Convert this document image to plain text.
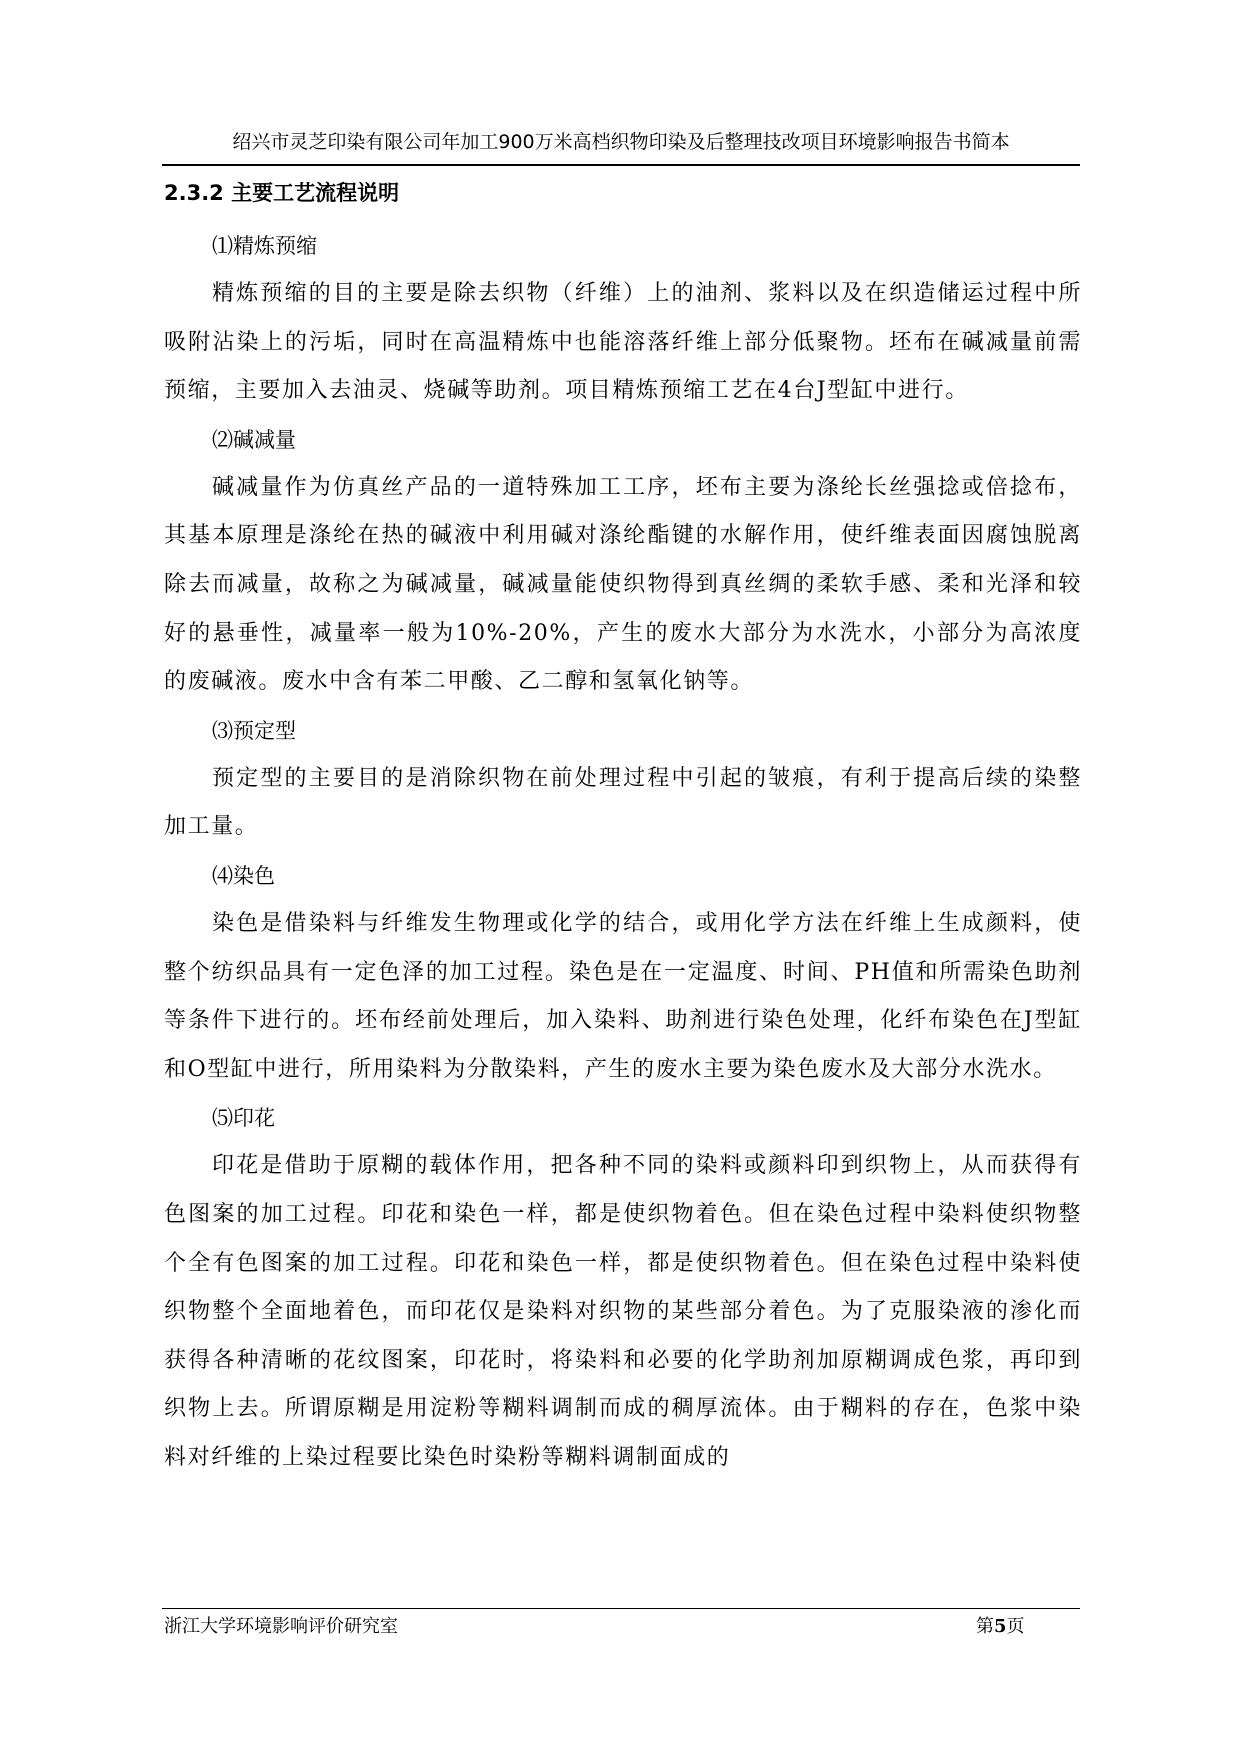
绍兴市灵芝印染有限公司年加工900万米高档织物印染及后整理技改项目环境影响报告书简本
2.3.2 主要工艺流程说明

⑴精炼预缩

精炼预缩的目的主要是除去织物（纤维）上的油剂、浆料以及在织造储运过程中所吸附沾染上的污垢，同时在高温精炼中也能溶落纤维上部分低聚物。坯布在碱减量前需预缩，主要加入去油灵、烧碱等助剂。项目精炼预缩工艺在4台J型缸中进行。

⑵碱减量

碱减量作为仿真丝产品的一道特殊加工工序，坯布主要为涤纶长丝强捻或倍捻布，其基本原理是涤纶在热的碱液中利用碱对涤纶酯键的水解作用，使纤维表面因腐蚀脱离除去而减量，故称之为碱减量，碱减量能使织物得到真丝绸的柔软手感、柔和光泽和较好的悬垂性，减量率一般为10%-20%，产生的废水大部分为水洗水，小部分为高浓度的废碱液。废水中含有苯二甲酸、乙二醇和氢氧化钠等。

⑶预定型

预定型的主要目的是消除织物在前处理过程中引起的皱痕，有利于提高后续的染整加工量。

⑷染色

染色是借染料与纤维发生物理或化学的结合，或用化学方法在纤维上生成颜料，使整个纺织品具有一定色泽的加工过程。染色是在一定温度、时间、PH值和所需染色助剂等条件下进行的。坯布经前处理后，加入染料、助剂进行染色处理，化纤布染色在J型缸和O型缸中进行，所用染料为分散染料，产生的废水主要为染色废水及大部分水洗水。

⑸印花

印花是借助于原糊的载体作用，把各种不同的染料或颜料印到织物上，从而获得有色图案的加工过程。印花和染色一样，都是使织物着色。但在染色过程中染料使织物整个全有色图案的加工过程。印花和染色一样，都是使织物着色。但在染色过程中染料使织物整个全面地着色，而印花仅是染料对织物的某些部分着色。为了克服染液的渗化而获得各种清晰的花纹图案，印花时，将染料和必要的化学助剂加原糊调成色浆，再印到织物上去。所谓原糊是用淀粉等糊料调制而成的稠厚流体。由于糊料的存在，色浆中染料对纤维的上染过程要比染色时染粉等糊料调制面成的

浙江大学环境影响评价研究室	第5页
